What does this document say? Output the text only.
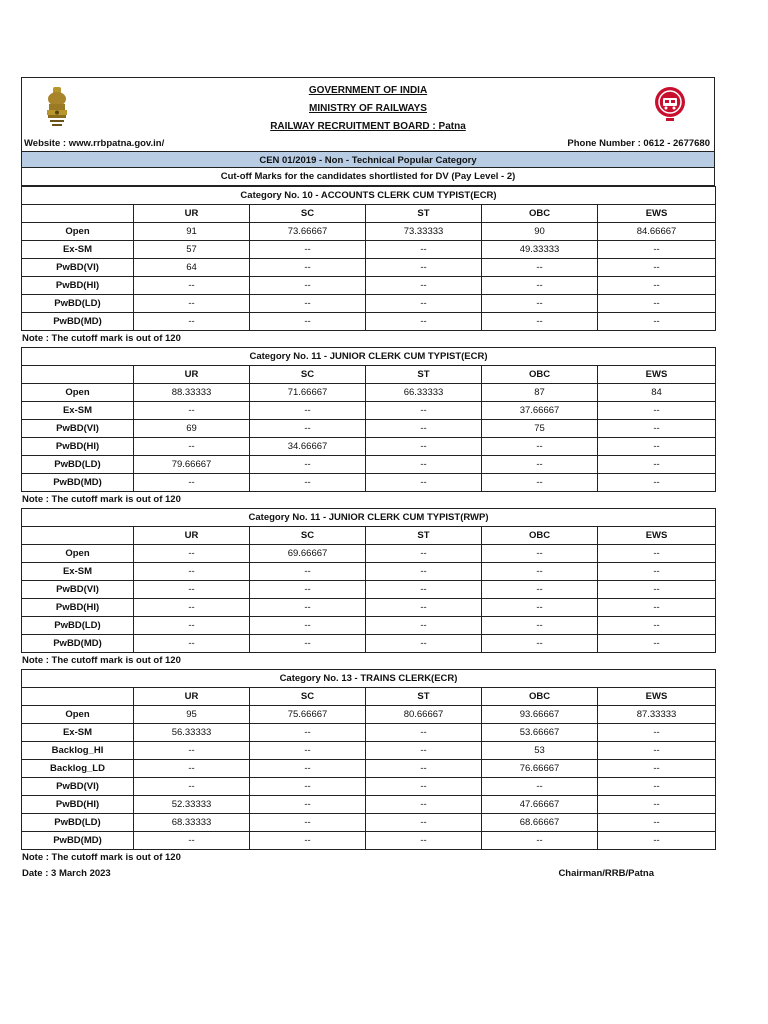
GOVERNMENT OF INDIA
MINISTRY OF RAILWAYS
RAILWAY RECRUITMENT BOARD : Patna
Website : www.rrbpatna.gov.in/	Phone Number : 0612 - 2677680
CEN 01/2019 - Non - Technical Popular Category
Cut-off Marks for the candidates shortlisted for DV (Pay Level - 2)
Category No. 10 - ACCOUNTS CLERK CUM TYPIST(ECR)					
	UR	SC	ST	OBC	EWS
Open	91	73.66667	73.33333	90	84.66667
Ex-SM	57	--	--	49.33333	--
PwBD(VI)	64	--	--	--	--
PwBD(HI)	--	--	--	--	--
PwBD(LD)	--	--	--	--	--
PwBD(MD)	--	--	--	--	--
Note : The cutoff mark is out of 120
Category No. 11 - JUNIOR CLERK CUM TYPIST(ECR)					
	UR	SC	ST	OBC	EWS
Open	88.33333	71.66667	66.33333	87	84
Ex-SM	--	--	--	37.66667	--
PwBD(VI)	69	--	--	75	--
PwBD(HI)	--	34.66667	--	--	--
PwBD(LD)	79.66667	--	--	--	--
PwBD(MD)	--	--	--	--	--
Note : The cutoff mark is out of 120
Category No. 11 - JUNIOR CLERK CUM TYPIST(RWP)					
	UR	SC	ST	OBC	EWS
Open	--	69.66667	--	--	--
Ex-SM	--	--	--	--	--
PwBD(VI)	--	--	--	--	--
PwBD(HI)	--	--	--	--	--
PwBD(LD)	--	--	--	--	--
PwBD(MD)	--	--	--	--	--
Note : The cutoff mark is out of 120
Category No. 13 - TRAINS CLERK(ECR)					
	UR	SC	ST	OBC	EWS
Open	95	75.66667	80.66667	93.66667	87.33333
Ex-SM	56.33333	--	--	53.66667	--
Backlog_HI	--	--	--	53	--
Backlog_LD	--	--	--	76.66667	--
PwBD(VI)	--	--	--	--	--
PwBD(HI)	52.33333	--	--	47.66667	--
PwBD(LD)	68.33333	--	--	68.66667	--
PwBD(MD)	--	--	--	--	--
Note : The cutoff mark is out of 120
Date : 3 March 2023	Chairman/RRB/Patna
